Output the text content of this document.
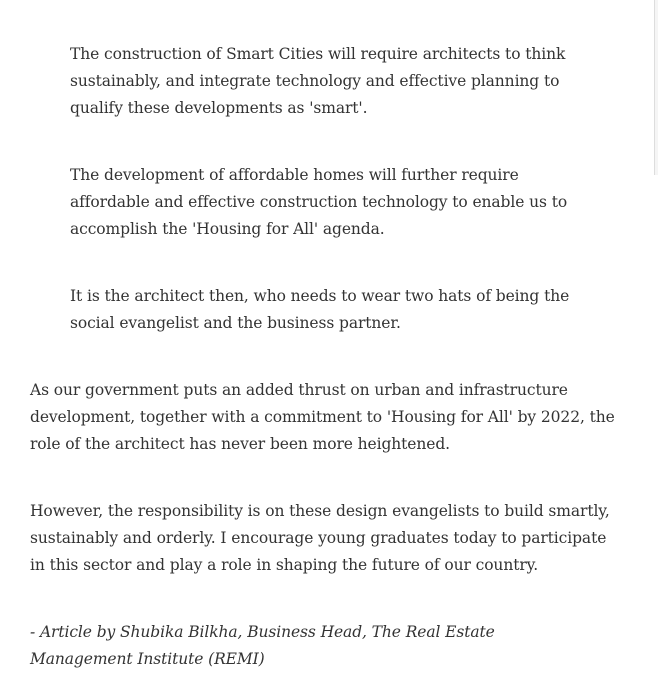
The construction of Smart Cities will require architects to think sustainably, and integrate technology and effective planning to qualify these developments as 'smart'.

The development of affordable homes will further require affordable and effective construction technology to enable us to accomplish the 'Housing for All' agenda.

It is the architect then, who needs to wear two hats of being the social evangelist and the business partner.

As our government puts an added thrust on urban and infrastructure development, together with a commitment to 'Housing for All' by 2022, the role of the architect has never been more heightened.

However, the responsibility is on these design evangelists to build smartly, sustainably and orderly. I encourage young graduates today to participate in this sector and play a role in shaping the future of our country.

- Article by Shubika Bilkha, Business Head, The Real Estate Management Institute (REMI)
